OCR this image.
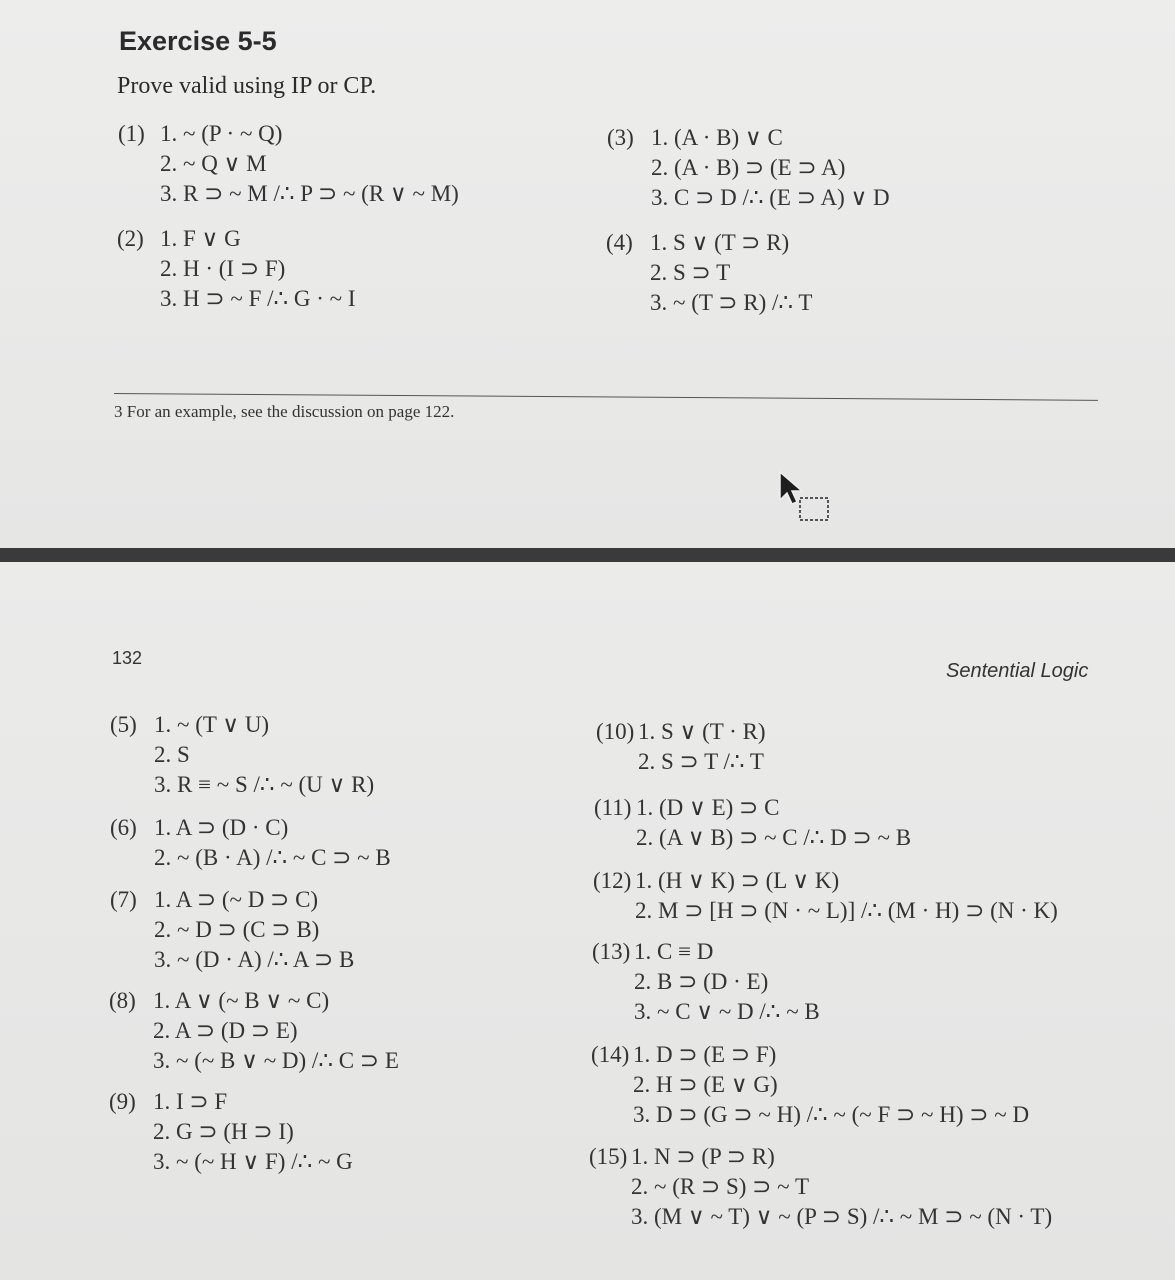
Exercise 5-5
Prove valid using IP or CP.
(1) 1. ~ (P · ~ Q)
2. ~ Q ∨ M
3. R ⊃ ~ M /∴ P ⊃ ~ (R ∨ ~ M)
(2) 1. F ∨ G
2. H · (I ⊃ F)
3. H ⊃ ~ F /∴ G · ~ I
(3) 1. (A · B) ∨ C
2. (A · B) ⊃ (E ⊃ A)
3. C ⊃ D /∴ (E ⊃ A) ∨ D
(4) 1. S ∨ (T ⊃ R)
2. S ⊃ T
3. ~ (T ⊃ R) /∴ T
3 For an example, see the discussion on page 122.
132
Sentential Logic
(5) 1. ~ (T ∨ U)
2. S
3. R ≡ ~ S /∴ ~ (U ∨ R)
(6) 1. A ⊃ (D · C)
2. ~ (B · A) /∴ ~ C ⊃ ~ B
(7) 1. A ⊃ (~ D ⊃ C)
2. ~ D ⊃ (C ⊃ B)
3. ~ (D · A) /∴ A ⊃ B
(8) 1. A ∨ (~ B ∨ ~ C)
2. A ⊃ (D ⊃ E)
3. ~ (~ B ∨ ~ D) /∴ C ⊃ E
(9) 1. I ⊃ F
2. G ⊃ (H ⊃ I)
3. ~ (~ H ∨ F) /∴ ~ G
(10) 1. S ∨ (T · R)
2. S ⊃ T /∴ T
(11) 1. (D ∨ E) ⊃ C
2. (A ∨ B) ⊃ ~ C /∴ D ⊃ ~ B
(12) 1. (H ∨ K) ⊃ (L ∨ K)
2. M ⊃ [H ⊃ (N · ~ L)] /∴ (M · H) ⊃ (N · K)
(13) 1. C ≡ D
2. B ⊃ (D · E)
3. ~ C ∨ ~ D /∴ ~ B
(14) 1. D ⊃ (E ⊃ F)
2. H ⊃ (E ∨ G)
3. D ⊃ (G ⊃ ~ H) /∴ ~ (~ F ⊃ ~ H) ⊃ ~ D
(15) 1. N ⊃ (P ⊃ R)
2. ~ (R ⊃ S) ⊃ ~ T
3. (M ∨ ~ T) ∨ ~ (P ⊃ S) /∴ ~ M ⊃ ~ (N · T)
